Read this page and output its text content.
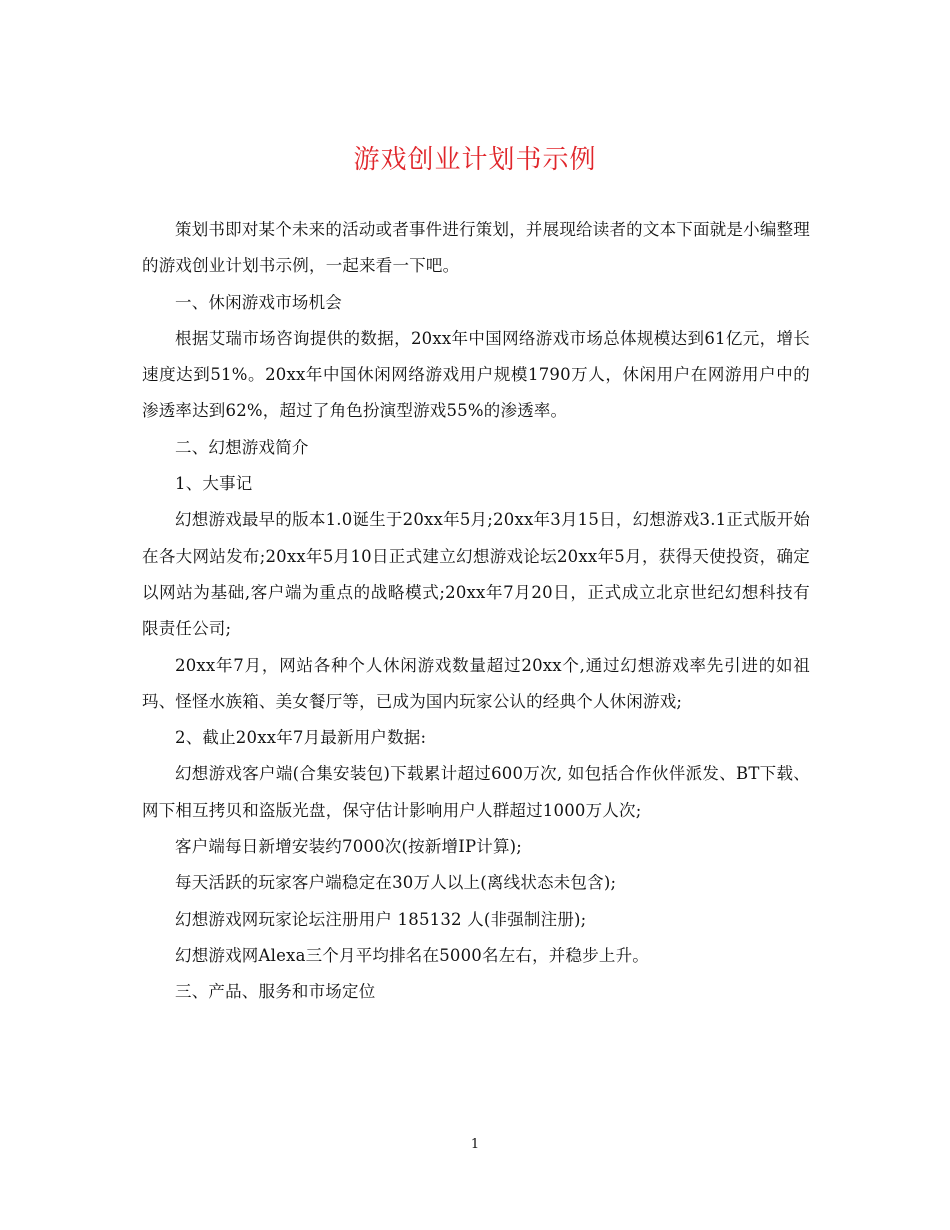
游戏创业计划书示例

策划书即对某个未来的活动或者事件进行策划，并展现给读者的文本下面就是小编整理的游戏创业计划书示例，一起来看一下吧。

一、休闲游戏市场机会

根据艾瑞市场咨询提供的数据，20xx年中国网络游戏市场总体规模达到61亿元，增长速度达到51%。20xx年中国休闲网络游戏用户规模1790万人，休闲用户在网游用户中的渗透率达到62%，超过了角色扮演型游戏55%的渗透率。

二、幻想游戏简介

1、大事记

幻想游戏最早的版本1.0诞生于20xx年5月;20xx年3月15日，幻想游戏3.1正式版开始在各大网站发布;20xx年5月10日正式建立幻想游戏论坛20xx年5月，获得天使投资，确定以网站为基础,客户端为重点的战略模式;20xx年7月20日，正式成立北京世纪幻想科技有限责任公司;

20xx年7月，网站各种个人休闲游戏数量超过20xx个,通过幻想游戏率先引进的如祖玛、怪怪水族箱、美女餐厅等，已成为国内玩家公认的经典个人休闲游戏;

2、截止20xx年7月最新用户数据:

幻想游戏客户端(合集安装包)下载累计超过600万次, 如包括合作伙伴派发、BT下载、网下相互拷贝和盗版光盘，保守估计影响用户人群超过1000万人次;

客户端每日新增安装约7000次(按新增IP计算);

每天活跃的玩家客户端稳定在30万人以上(离线状态未包含);

幻想游戏网玩家论坛注册用户 185132 人(非强制注册);

幻想游戏网Alexa三个月平均排名在5000名左右，并稳步上升。

三、产品、服务和市场定位

1
